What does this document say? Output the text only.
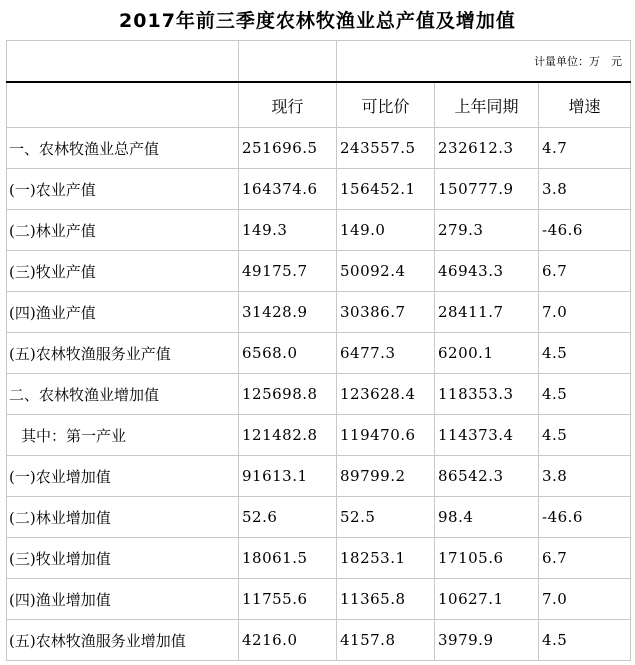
2017年前三季度农林牧渔业总产值及增加值
		计量单位：万　元		
	现行	可比价	上年同期	增速
一、农林牧渔业总产值	251696.5	243557.5	232612.3	4.7
(一)农业产值	164374.6	156452.1	150777.9	3.8
(二)林业产值	149.3	149.0	279.3	-46.6
(三)牧业产值	49175.7	50092.4	46943.3	6.7
(四)渔业产值	31428.9	30386.7	28411.7	7.0
(五)农林牧渔服务业产值	6568.0	6477.3	6200.1	4.5
二、农林牧渔业增加值	125698.8	123628.4	118353.3	4.5
其中：第一产业	121482.8	119470.6	114373.4	4.5
(一)农业增加值	91613.1	89799.2	86542.3	3.8
(二)林业增加值	52.6	52.5	98.4	-46.6
(三)牧业增加值	18061.5	18253.1	17105.6	6.7
(四)渔业增加值	11755.6	11365.8	10627.1	7.0
(五)农林牧渔服务业增加值	4216.0	4157.8	3979.9	4.5
